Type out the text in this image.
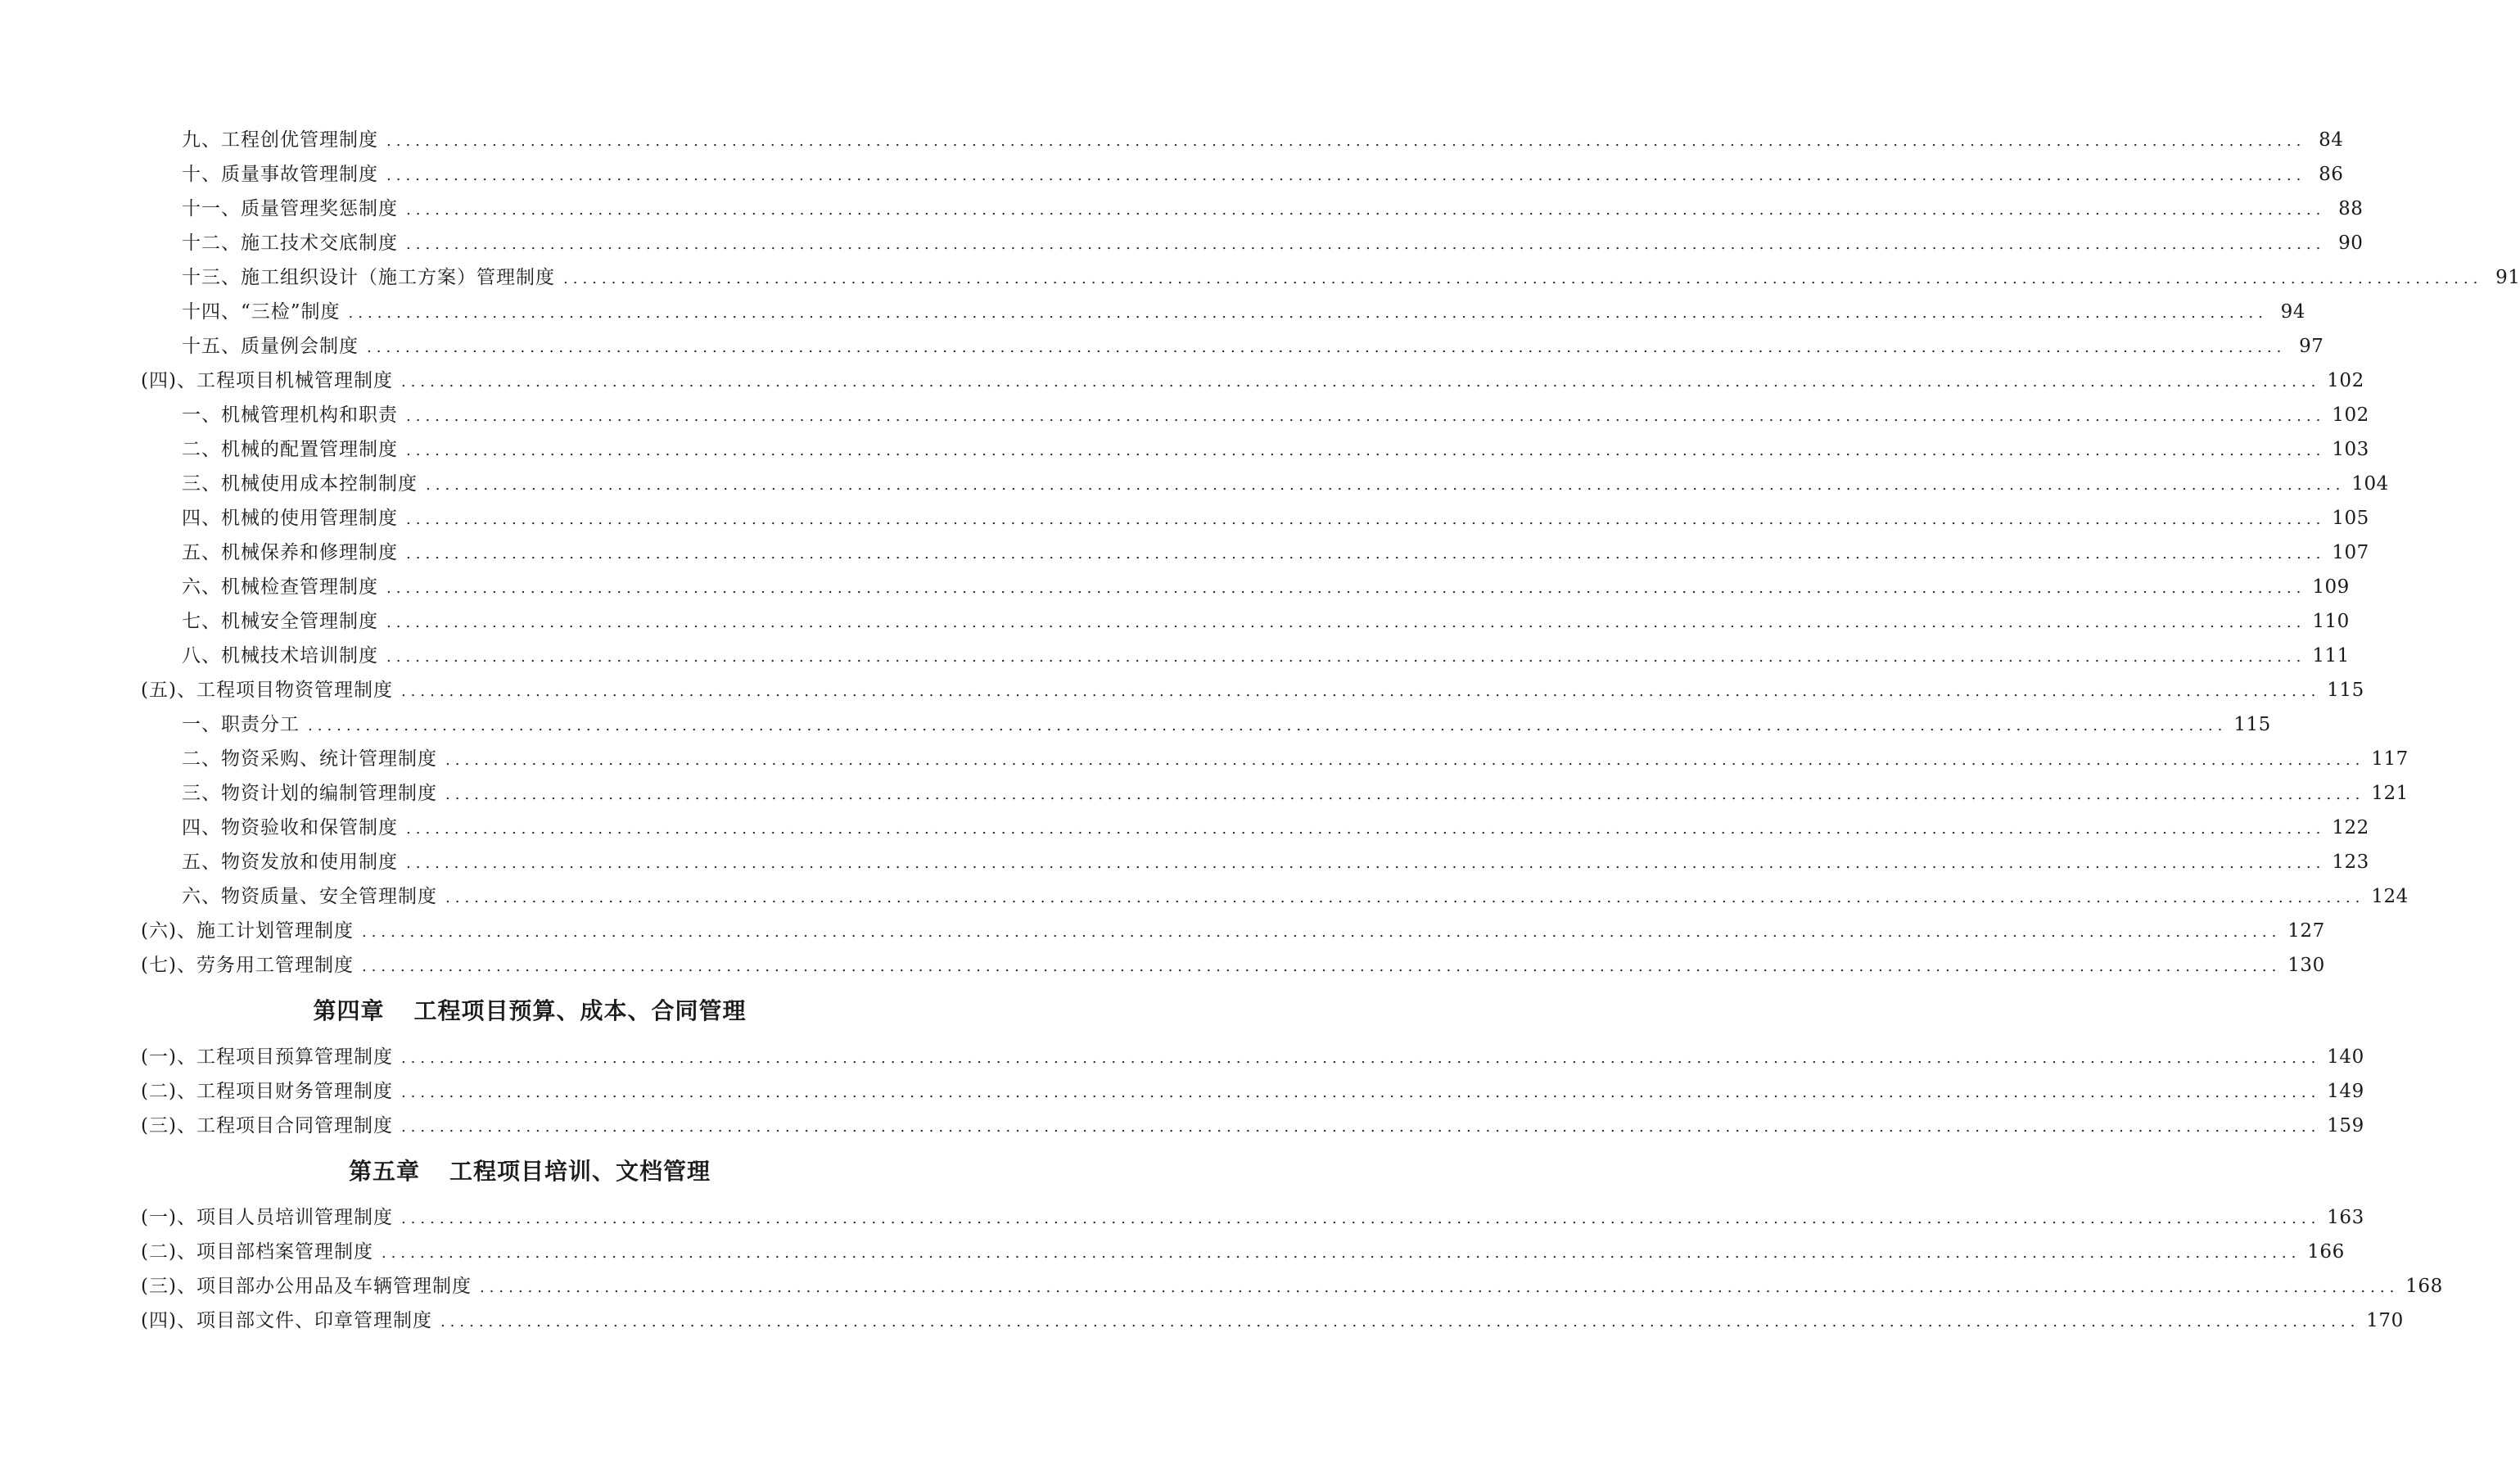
九、工程创优管理制度 ........................................................................................................................................................................................................ 84
十、质量事故管理制度 ........................................................................................................................................................................................................ 86
十一、质量管理奖惩制度 ........................................................................................................................................................................................................ 88
十二、施工技术交底制度 ........................................................................................................................................................................................................ 90
十三、施工组织设计（施工方案）管理制度 ........................................................................................................................................................................................................ 91
十四、“三检”制度 ........................................................................................................................................................................................................ 94
十五、质量例会制度 ........................................................................................................................................................................................................ 97
(四)、工程项目机械管理制度 ........................................................................................................................................................................................................ 102
一、机械管理机构和职责 ........................................................................................................................................................................................................ 102
二、机械的配置管理制度 ........................................................................................................................................................................................................ 103
三、机械使用成本控制制度 ........................................................................................................................................................................................................ 104
四、机械的使用管理制度 ........................................................................................................................................................................................................ 105
五、机械保养和修理制度 ........................................................................................................................................................................................................ 107
六、机械检查管理制度 ........................................................................................................................................................................................................ 109
七、机械安全管理制度 ........................................................................................................................................................................................................ 110
八、机械技术培训制度 ........................................................................................................................................................................................................ 111
(五)、工程项目物资管理制度 ........................................................................................................................................................................................................ 115
一、职责分工 ........................................................................................................................................................................................................ 115
二、物资采购、统计管理制度 ........................................................................................................................................................................................................ 117
三、物资计划的编制管理制度 ........................................................................................................................................................................................................ 121
四、物资验收和保管制度 ........................................................................................................................................................................................................ 122
五、物资发放和使用制度 ........................................................................................................................................................................................................ 123
六、物资质量、安全管理制度 ........................................................................................................................................................................................................ 124
(六)、施工计划管理制度 ........................................................................................................................................................................................................ 127
(七)、劳务用工管理制度 ........................................................................................................................................................................................................ 130
第四章 工程项目预算、成本、合同管理
(一)、工程项目预算管理制度 ........................................................................................................................................................................................................ 140
(二)、工程项目财务管理制度 ........................................................................................................................................................................................................ 149
(三)、工程项目合同管理制度 ........................................................................................................................................................................................................ 159
第五章 工程项目培训、文档管理
(一)、项目人员培训管理制度 ........................................................................................................................................................................................................ 163
(二)、项目部档案管理制度 ........................................................................................................................................................................................................ 166
(三)、项目部办公用品及车辆管理制度 ........................................................................................................................................................................................................ 168
(四)、项目部文件、印章管理制度 ........................................................................................................................................................................................................ 170
